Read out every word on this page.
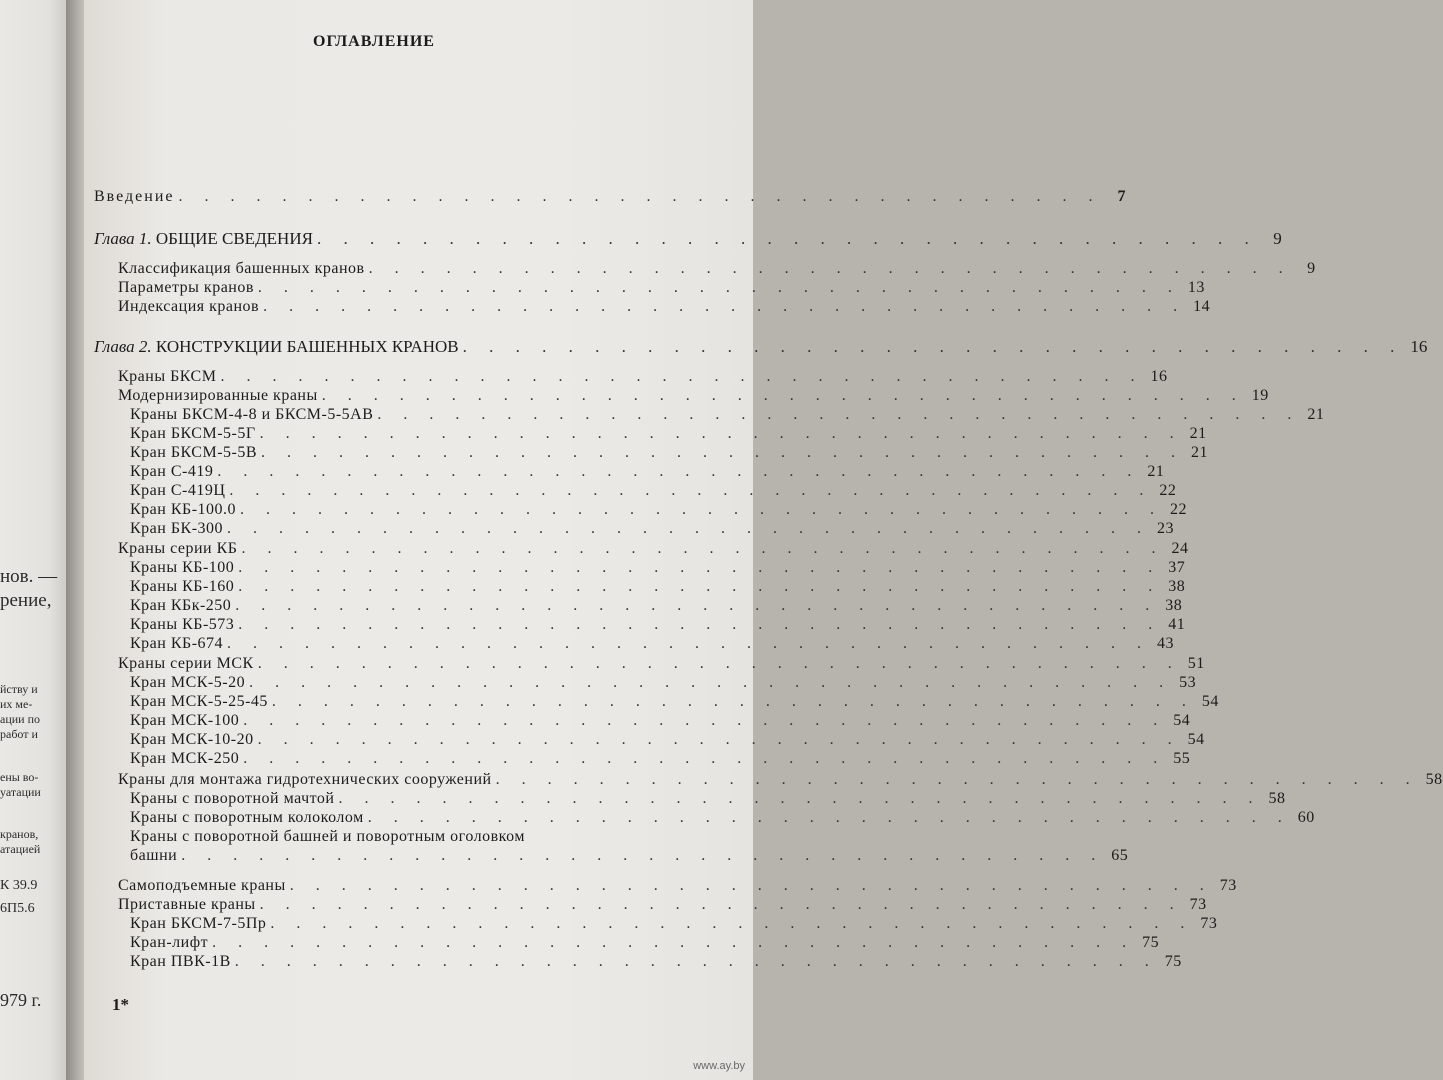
нов. —
рение,
йству и
их ме-
ации по
работ и
ены во-
уатации
кранов,
атацией
К 39.9
6П5.6
979 г.
ОГЛАВЛЕНИЕ
Введение . . . . . . . . . . . . . . . . . . . . . . . . . . . . . . . . . . . .	7
Глава 1. ОБЩИЕ СВЕДЕНИЯ . . . . . . . . . . . . . . . . . . . . . . . . . . . . . . . . . . . . 9
Классификация башенных кранов . . . . . . . . . . . . . . . . . . . . . . . . . . . . . . . . . . . . 9
Параметры кранов . . . . . . . . . . . . . . . . . . . . . . . . . . . . . . . . . . . . 13
Индексация кранов . . . . . . . . . . . . . . . . . . . . . . . . . . . . . . . . . . . . 14
Глава 2. КОНСТРУКЦИИ БАШЕННЫХ КРАНОВ . . . . . . . . . . . . . . . . . . . . . . . . . . . . . . . . . . . . 16
Краны БКСМ . . . . . . . . . . . . . . . . . . . . . . . . . . . . . . . . . . . . 16
Модернизированные краны . . . . . . . . . . . . . . . . . . . . . . . . . . . . . . . . . . . . 19
Краны БКСМ-4-8 и БКСМ-5-5АВ . . . . . . . . . . . . . . . . . . . . . . . . . . . . . . . . . . . . 21
Кран БКСМ-5-5Г . . . . . . . . . . . . . . . . . . . . . . . . . . . . . . . . . . . . 21
Кран БКСМ-5-5В . . . . . . . . . . . . . . . . . . . . . . . . . . . . . . . . . . . . 21
Кран С-419 . . . . . . . . . . . . . . . . . . . . . . . . . . . . . . . . . . . . 21
Кран С-419Ц . . . . . . . . . . . . . . . . . . . . . . . . . . . . . . . . . . . . 22
Кран КБ-100.0 . . . . . . . . . . . . . . . . . . . . . . . . . . . . . . . . . . . . 22
Кран БК-300 . . . . . . . . . . . . . . . . . . . . . . . . . . . . . . . . . . . . 23
Краны серии КБ . . . . . . . . . . . . . . . . . . . . . . . . . . . . . . . . . . . . 24
Краны КБ-100 . . . . . . . . . . . . . . . . . . . . . . . . . . . . . . . . . . . . 37
Краны КБ-160 . . . . . . . . . . . . . . . . . . . . . . . . . . . . . . . . . . . . 38
Кран КБк-250 . . . . . . . . . . . . . . . . . . . . . . . . . . . . . . . . . . . . 38
Краны КБ-573 . . . . . . . . . . . . . . . . . . . . . . . . . . . . . . . . . . . . 41
Кран КБ-674 . . . . . . . . . . . . . . . . . . . . . . . . . . . . . . . . . . . . 43
Краны серии МСК . . . . . . . . . . . . . . . . . . . . . . . . . . . . . . . . . . . . 51
Кран МСК-5-20 . . . . . . . . . . . . . . . . . . . . . . . . . . . . . . . . . . . . 53
Кран МСК-5-25-45 . . . . . . . . . . . . . . . . . . . . . . . . . . . . . . . . . . . . 54
Кран МСК-100 . . . . . . . . . . . . . . . . . . . . . . . . . . . . . . . . . . . . 54
Кран МСК-10-20 . . . . . . . . . . . . . . . . . . . . . . . . . . . . . . . . . . . . 54
Кран МСК-250 . . . . . . . . . . . . . . . . . . . . . . . . . . . . . . . . . . . . 55
Краны для монтажа гидротехнических сооружений . . . . . . . . . . . . . . . . . . . . . . . . . . . . . . . . . . . . 58
Краны с поворотной мачтой . . . . . . . . . . . . . . . . . . . . . . . . . . . . . . . . . . . . 58
Краны с поворотным колоколом . . . . . . . . . . . . . . . . . . . . . . . . . . . . . . . . . . . . 60
Краны с поворотной башней и поворотным оголовком
башни . . . . . . . . . . . . . . . . . . . . . . . . . . . . . . . . . . . . 65
Самоподъемные краны . . . . . . . . . . . . . . . . . . . . . . . . . . . . . . . . . . . . 73
Приставные краны . . . . . . . . . . . . . . . . . . . . . . . . . . . . . . . . . . . . 73
Кран БКСМ-7-5Пр . . . . . . . . . . . . . . . . . . . . . . . . . . . . . . . . . . . . 73
Кран-лифт . . . . . . . . . . . . . . . . . . . . . . . . . . . . . . . . . . . . 75
Кран ПВК-1В . . . . . . . . . . . . . . . . . . . . . . . . . . . . . . . . . . . . 75
1*
www.ay.by
